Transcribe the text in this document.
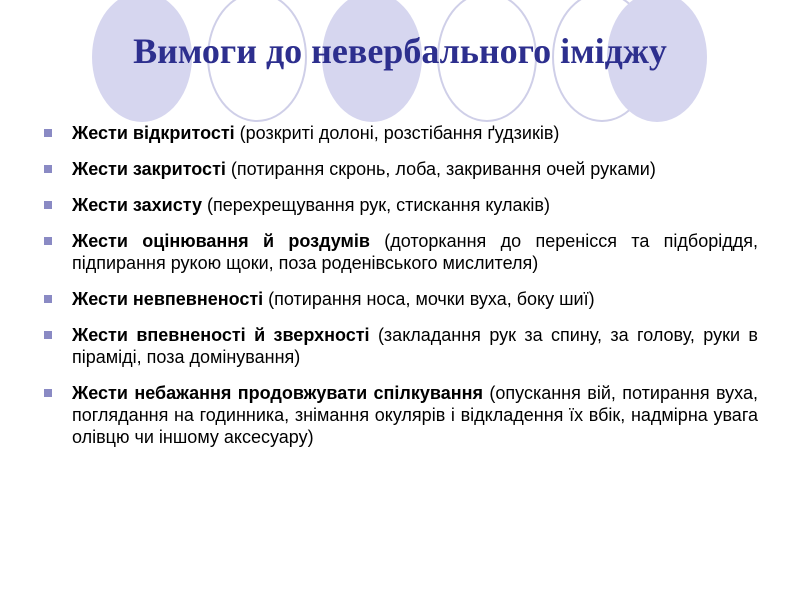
Вимоги до невербального іміджу
Жести відкритості (розкриті долоні, розстібання ґудзиків)
Жести закритості (потирання скронь, лоба, закривання очей руками)
Жести захисту (перехрещування рук, стискання кулаків)
Жести оцінювання й роздумів (доторкання до перенісся та підборіддя, підпирання рукою щоки, поза роденівського мислителя)
Жести невпевненості (потирання носа, мочки вуха, боку шиї)
Жести впевненості й зверхності (закладання рук за спину, за голову, руки в піраміді, поза домінування)
Жести небажання продовжувати спілкування (опускання вій, потирання вуха, поглядання на годинника, знімання окулярів і відкладення їх вбік, надмірна увага олівцю чи іншому аксесуару)
